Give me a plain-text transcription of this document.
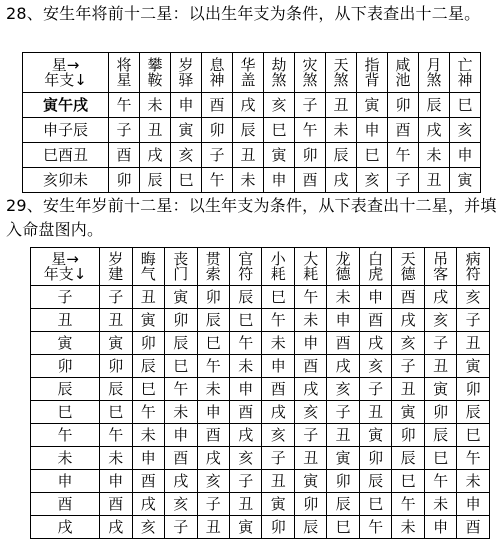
28、安生年将前十二星：以出生年支为条件，从下表查出十二星。

星→
年支↓	将星	攀鞍	岁驿	息神	华盖	劫煞	灾煞	天煞	指背	咸池	月煞	亡神

寅午戌	午	未	申	酉	戌	亥	子	丑	寅	卯	辰	巳
申子辰	子	丑	寅	卯	辰	巳	午	未	申	酉	戌	亥
巳酉丑	酉	戌	亥	子	丑	寅	卯	辰	巳	午	未	申
亥卯未	卯	辰	巳	午	未	申	酉	戌	亥	子	丑	寅

29、安生年岁前十二星：以生年支为条件，从下表查出十二星，并填入命盘图内。

星→
年支↓	岁建	晦气	丧门	贯索	官符	小耗	大耗	龙德	白虎	天德	吊客	病符

子	子	丑	寅	卯	辰	巳	午	未	申	酉	戌	亥
丑	丑	寅	卯	辰	巳	午	未	申	酉	戌	亥	子
寅	寅	卯	辰	巳	午	未	申	酉	戌	亥	子	丑
卯	卯	辰	巳	午	未	申	酉	戌	亥	子	丑	寅
辰	辰	巳	午	未	申	酉	戌	亥	子	丑	寅	卯
巳	巳	午	未	申	酉	戌	亥	子	丑	寅	卯	辰
午	午	未	申	酉	戌	亥	子	丑	寅	卯	辰	巳
未	未	申	酉	戌	亥	子	丑	寅	卯	辰	巳	午
申	申	酉	戌	亥	子	丑	寅	卯	辰	巳	午	未
酉	酉	戌	亥	子	丑	寅	卯	辰	巳	午	未	申
戌	戌	亥	子	丑	寅	卯	辰	巳	午	未	申	酉
